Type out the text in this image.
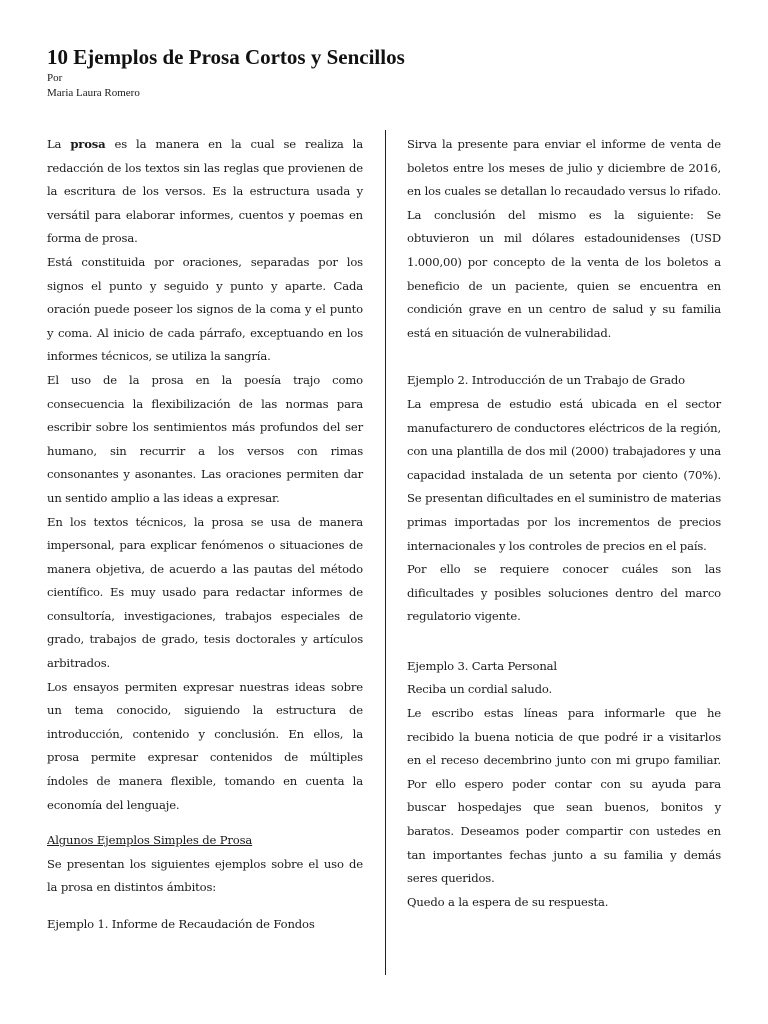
10 Ejemplos de Prosa Cortos y Sencillos
Por
Maria Laura Romero

La prosa es la manera en la cual se realiza la redacción de los textos sin las reglas que provienen de la escritura de los versos. Es la estructura usada y versátil para elaborar informes, cuentos y poemas en forma de prosa.

Está constituida por oraciones, separadas por los signos el punto y seguido y punto y aparte. Cada oración puede poseer los signos de la coma y el punto y coma. Al inicio de cada párrafo, exceptuando en los informes técnicos, se utiliza la sangría.

El uso de la prosa en la poesía trajo como consecuencia la flexibilización de las normas para escribir sobre los sentimientos más profundos del ser humano, sin recurrir a los versos con rimas consonantes y asonantes. Las oraciones permiten dar un sentido amplio a las ideas a expresar.

En los textos técnicos, la prosa se usa de manera impersonal, para explicar fenómenos o situaciones de manera objetiva, de acuerdo a las pautas del método científico. Es muy usado para redactar informes de consultoría, investigaciones, trabajos especiales de grado, trabajos de grado, tesis doctorales y artículos arbitrados.

Los ensayos permiten expresar nuestras ideas sobre un tema conocido, siguiendo la estructura de introducción, contenido y conclusión. En ellos, la prosa permite expresar contenidos de múltiples índoles de manera flexible, tomando en cuenta la economía del lenguaje.

Algunos Ejemplos Simples de Prosa

Se presentan los siguientes ejemplos sobre el uso de la prosa en distintos ámbitos:

Ejemplo 1. Informe de Recaudación de Fondos

Sirva la presente para enviar el informe de venta de boletos entre los meses de julio y diciembre de 2016, en los cuales se detallan lo recaudado versus lo rifado. La conclusión del mismo es la siguiente: Se obtuvieron un mil dólares estadounidenses (USD 1.000,00) por concepto de la venta de los boletos a beneficio de un paciente, quien se encuentra en condición grave en un centro de salud y su familia está en situación de vulnerabilidad.

Ejemplo 2. Introducción de un Trabajo de Grado

La empresa de estudio está ubicada en el sector manufacturero de conductores eléctricos de la región, con una plantilla de dos mil (2000) trabajadores y una capacidad instalada de un setenta por ciento (70%). Se presentan dificultades en el suministro de materias primas importadas por los incrementos de precios internacionales y los controles de precios en el país.

Por ello se requiere conocer cuáles son las dificultades y posibles soluciones dentro del marco regulatorio vigente.

Ejemplo 3. Carta Personal

Reciba un cordial saludo.

Le escribo estas líneas para informarle que he recibido la buena noticia de que podré ir a visitarlos en el receso decembrino junto con mi grupo familiar. Por ello espero poder contar con su ayuda para buscar hospedajes que sean buenos, bonitos y baratos. Deseamos poder compartir con ustedes en tan importantes fechas junto a su familia y demás seres queridos.

Quedo a la espera de su respuesta.
